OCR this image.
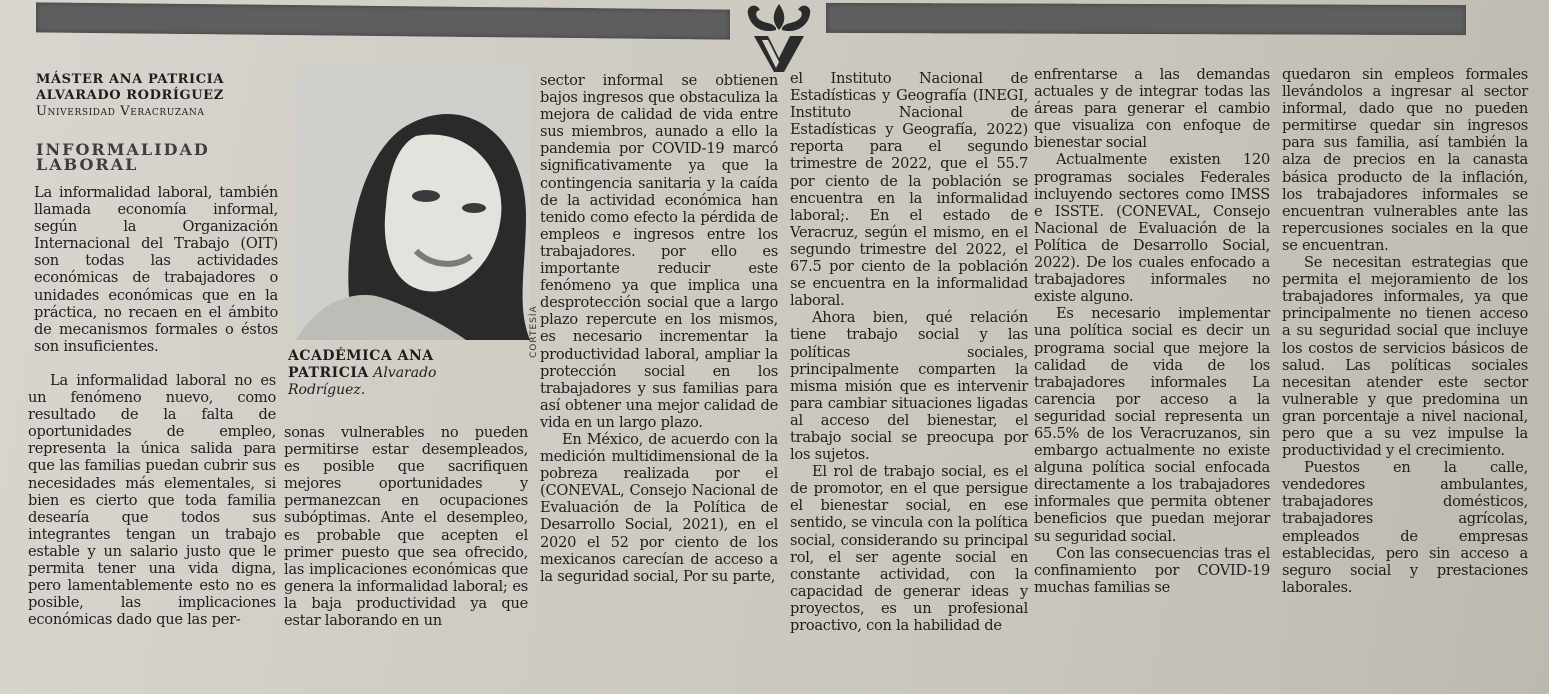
MÁSTER ANA PATRICIA
ALVARADO RODRÍGUEZ
Universidad Veracruzana
INFORMALIDAD
LABORAL

La informalidad laboral, también llamada economía informal, según la Organización Internacional del Trabajo (OIT) son todas las actividades económicas de trabajadores o unidades económicas que en la práctica, no recaen en el ámbito de mecanismos formales o éstos son insuficientes.	CORTESÍA
ACADÉMICA ANA
PATRICIA Alvarado
Rodríguez.

La informalidad laboral no es un fenómeno nuevo, como resultado de la falta de oportunidades de empleo, representa la única salida para que las familias puedan cubrir sus necesidades más elementales, si bien es cierto que toda familia desearía que todos sus integrantes tengan un trabajo estable y un salario justo que le permita tener una vida digna, pero lamentablemente esto no es posible, las implicaciones económicas dado que las per-

sonas vulnerables no pueden permitirse estar desempleados, es posible que sacrifiquen mejores oportunidades y permanezcan en ocupaciones subóptimas. Ante el desempleo, es probable que acepten el primer puesto que sea ofrecido, las implicaciones económicas que genera la informalidad laboral; es la baja productividad ya que estar laborando en un

sector informal se obtienen bajos ingresos que obstaculiza la mejora de calidad de vida entre sus miembros, aunado a ello la pandemia por COVID-19 marcó significativamente ya que la contingencia sanitaria y la caída de la actividad económica han tenido como efecto la pérdida de empleos e ingresos entre los trabajadores. por ello es importante reducir este fenómeno ya que implica una desprotección social que a largo plazo repercute en los mismos, es necesario incrementar la productividad laboral, ampliar la protección social en los trabajadores y sus familias para así obtener una mejor calidad de vida en un largo plazo.

En México, de acuerdo con la medición multidimensional de la pobreza realizada por el (CONEVAL, Consejo Nacional de Evaluación de la Política de Desarrollo Social, 2021), en el 2020 el 52 por ciento de los mexicanos carecían de acceso a la seguridad social, Por su parte,

el Instituto Nacional de Estadísticas y Geografía (INEGI, Instituto Nacional de Estadísticas y Geografía, 2022) reporta para el segundo trimestre de 2022, que el 55.7 por ciento de la población se encuentra en la informalidad laboral;. En el estado de Veracruz, según el mismo, en el segundo trimestre del 2022, el 67.5 por ciento de la población se encuentra en la informalidad laboral.

Ahora bien, qué relación tiene trabajo social y las políticas sociales, principalmente comparten la misma misión que es intervenir para cambiar situaciones ligadas al acceso del bienestar, el trabajo social se preocupa por los sujetos.

El rol de trabajo social, es el de promotor, en el que persigue el bienestar social, en ese sentido, se vincula con la política social, considerando su principal rol, el ser agente social en constante actividad, con la capacidad de generar ideas y proyectos, es un profesional proactivo, con la habilidad de

enfrentarse a las demandas actuales y de integrar todas las áreas para generar el cambio que visualiza con enfoque de bienestar social

Actualmente existen 120 programas sociales Federales incluyendo sectores como IMSS e ISSTE. (CONEVAL, Consejo Nacional de Evaluación de la Política de Desarrollo Social, 2022). De los cuales enfocado a trabajadores informales no existe alguno.

Es necesario implementar una política social es decir un programa social que mejore la calidad de vida de los trabajadores informales La carencia por acceso a la seguridad social representa un 65.5% de los Veracruzanos, sin embargo actualmente no existe alguna política social enfocada directamente a los trabajadores informales que permita obtener beneficios que puedan mejorar su seguridad social.

Con las consecuencias tras el confinamiento por COVID-19 muchas familias se

quedaron sin empleos formales llevándolos a ingresar al sector informal, dado que no pueden permitirse quedar sin ingresos para sus familia, así también la alza de precios en la canasta básica producto de la inflación, los trabajadores informales se encuentran vulnerables ante las repercusiones sociales en la que se encuentran.

Se necesitan estrategias que permita el mejoramiento de los trabajadores informales, ya que principalmente no tienen acceso a su seguridad social que incluye los costos de servicios básicos de salud. Las políticas sociales necesitan atender este sector vulnerable y que predomina un gran porcentaje a nivel nacional, pero que a su vez impulse la productividad y el crecimiento.

Puestos en la calle, vendedores ambulantes, trabajadores domésticos, trabajadores agrícolas, empleados de empresas establecidas, pero sin acceso a seguro social y prestaciones laborales.
